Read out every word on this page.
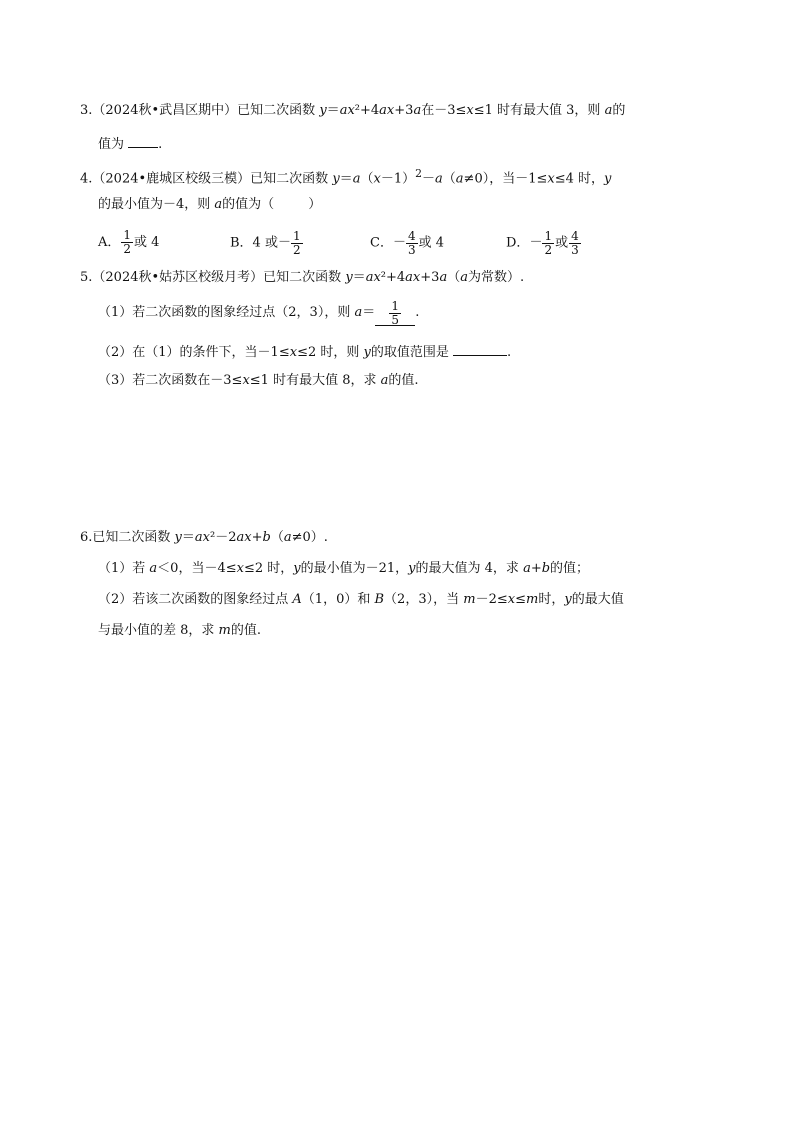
3.（2024秋•武昌区期中）已知二次函数 y＝ax²+4ax+3a在－3≤x≤1 时有最大值 3，则 a的
值为 .
4.（2024•鹿城区校级三模）已知二次函数 $y=a(x-1)^2-a(a\ne 0)$，当－1≤x≤4 时，y
的最小值为－4，则 a的值为（	）
A． $\frac{1}{2}$ 或 4	B．4 或－ $\frac{1}{2}$	C．－ $\frac{4}{3}$ 或 4	D．－ $\frac{1}{2}$ 或 $\frac{4}{3}$
5.（2024秋•姑苏区校级月考）已知二次函数 y＝ax²+4ax+3a（a为常数）.
（1）若二次函数的图象经过点（2，3），则 $a= \frac{1}{5}$ .
（2）在（1）的条件下，当－1≤x≤2 时，则 y的取值范围是	.
（3）若二次函数在－3≤x≤1 时有最大值 8，求 a的值.
6.已知二次函数 y＝ax²－2ax+b（a≠0）.
（1）若 a＜0，当－4≤x≤2 时，y的最小值为－21，y的最大值为 4，求 a+b的值；
（2）若该二次函数的图象经过点 A（1，0）和 B（2，3），当 m－2≤x≤m时，y的最大值
与最小值的差 8，求 m的值.
